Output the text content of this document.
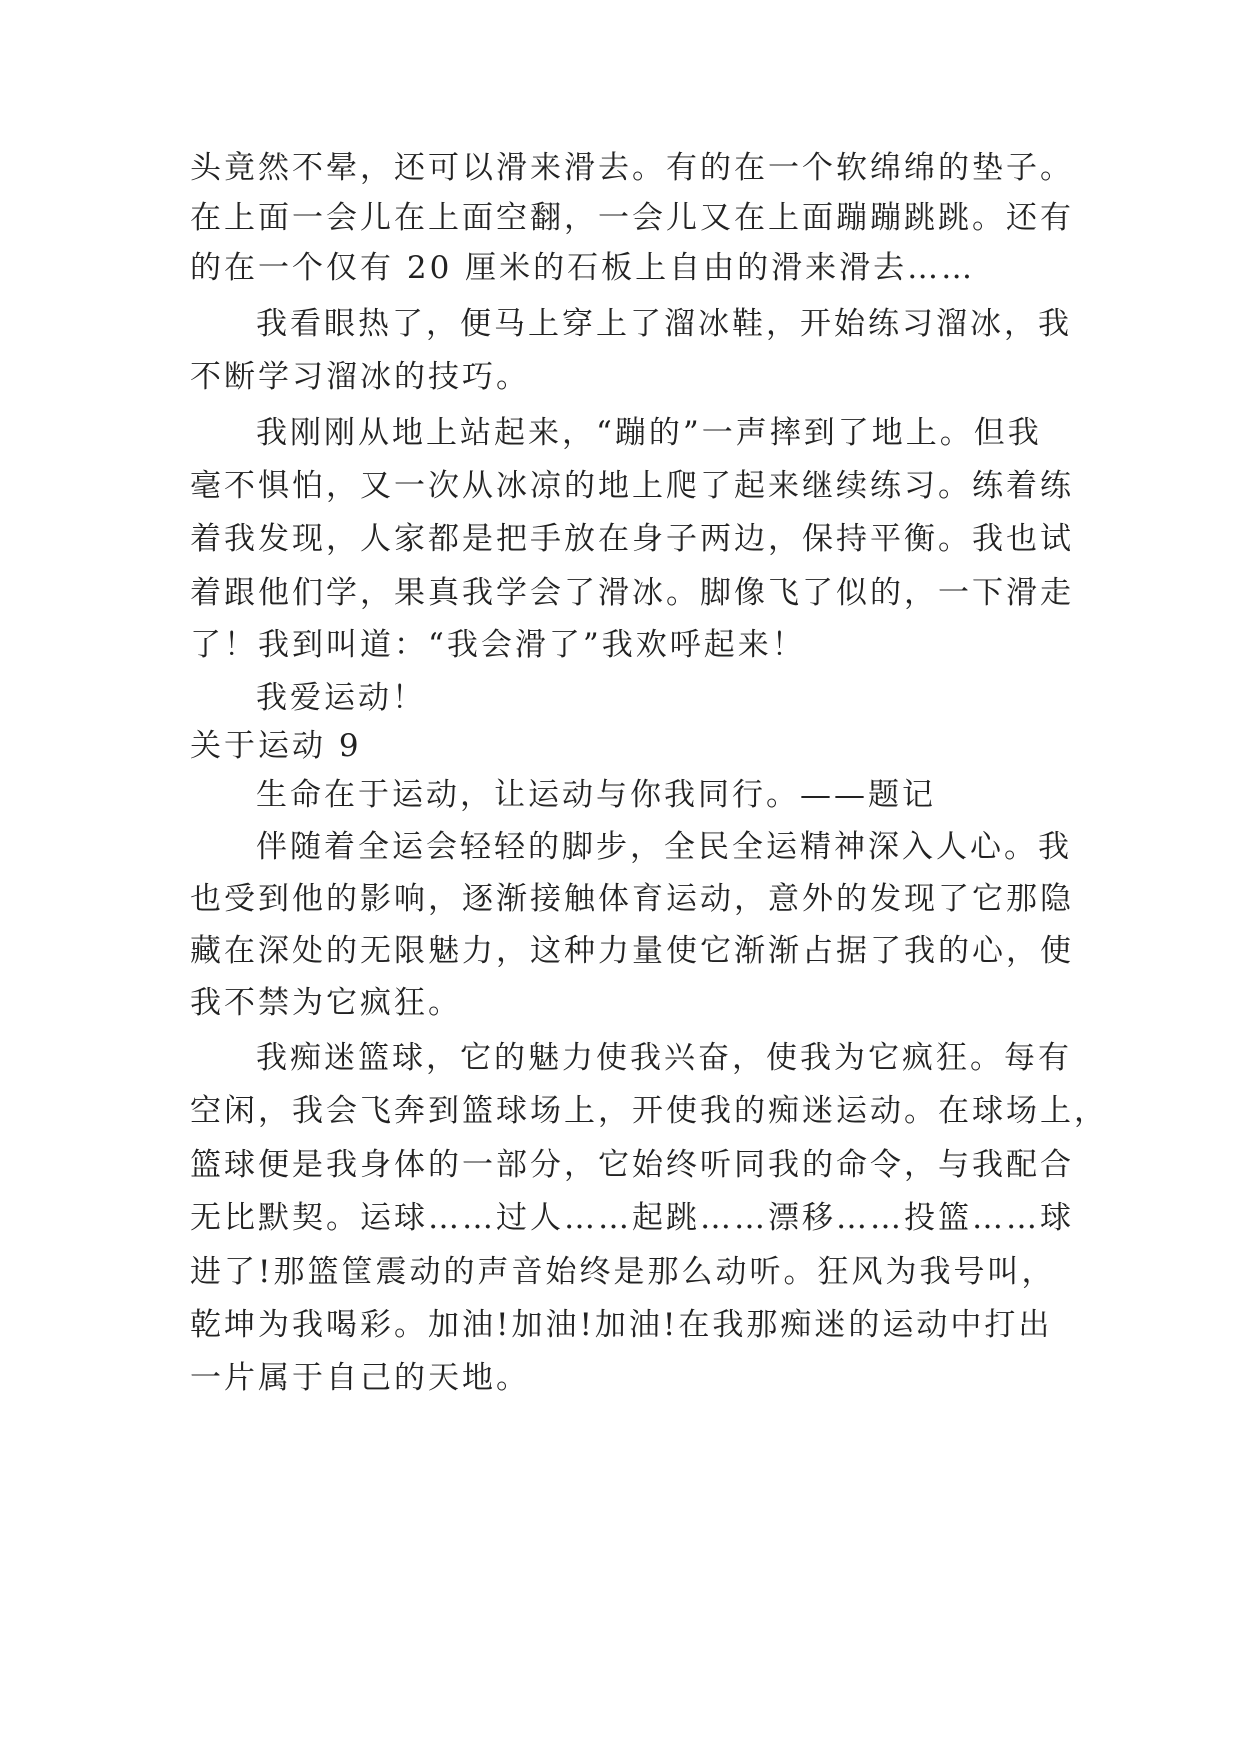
头竟然不晕，还可以滑来滑去。有的在一个软绵绵的垫子。
在上面一会儿在上面空翻，一会儿又在上面蹦蹦跳跳。还有
的在一个仅有 20 厘米的石板上自由的滑来滑去……
我看眼热了，便马上穿上了溜冰鞋，开始练习溜冰，我
不断学习溜冰的技巧。
我刚刚从地上站起来，“蹦的”一声摔到了地上。但我
毫不惧怕，又一次从冰凉的地上爬了起来继续练习。练着练
着我发现，人家都是把手放在身子两边，保持平衡。我也试
着跟他们学，果真我学会了滑冰。脚像飞了似的，一下滑走
了！我到叫道：“我会滑了”我欢呼起来！
我爱运动！
关于运动 9
生命在于运动，让运动与你我同行。——题记
伴随着全运会轻轻的脚步，全民全运精神深入人心。我
也受到他的影响，逐渐接触体育运动，意外的发现了它那隐
藏在深处的无限魅力，这种力量使它渐渐占据了我的心，使
我不禁为它疯狂。
我痴迷篮球，它的魅力使我兴奋，使我为它疯狂。每有
空闲，我会飞奔到篮球场上，开使我的痴迷运动。在球场上，
篮球便是我身体的一部分，它始终听同我的命令，与我配合
无比默契。运球……过人……起跳……漂移……投篮……球
进了!那篮筐震动的声音始终是那么动听。狂风为我号叫，
乾坤为我喝彩。加油!加油!加油!在我那痴迷的运动中打出
一片属于自己的天地。
